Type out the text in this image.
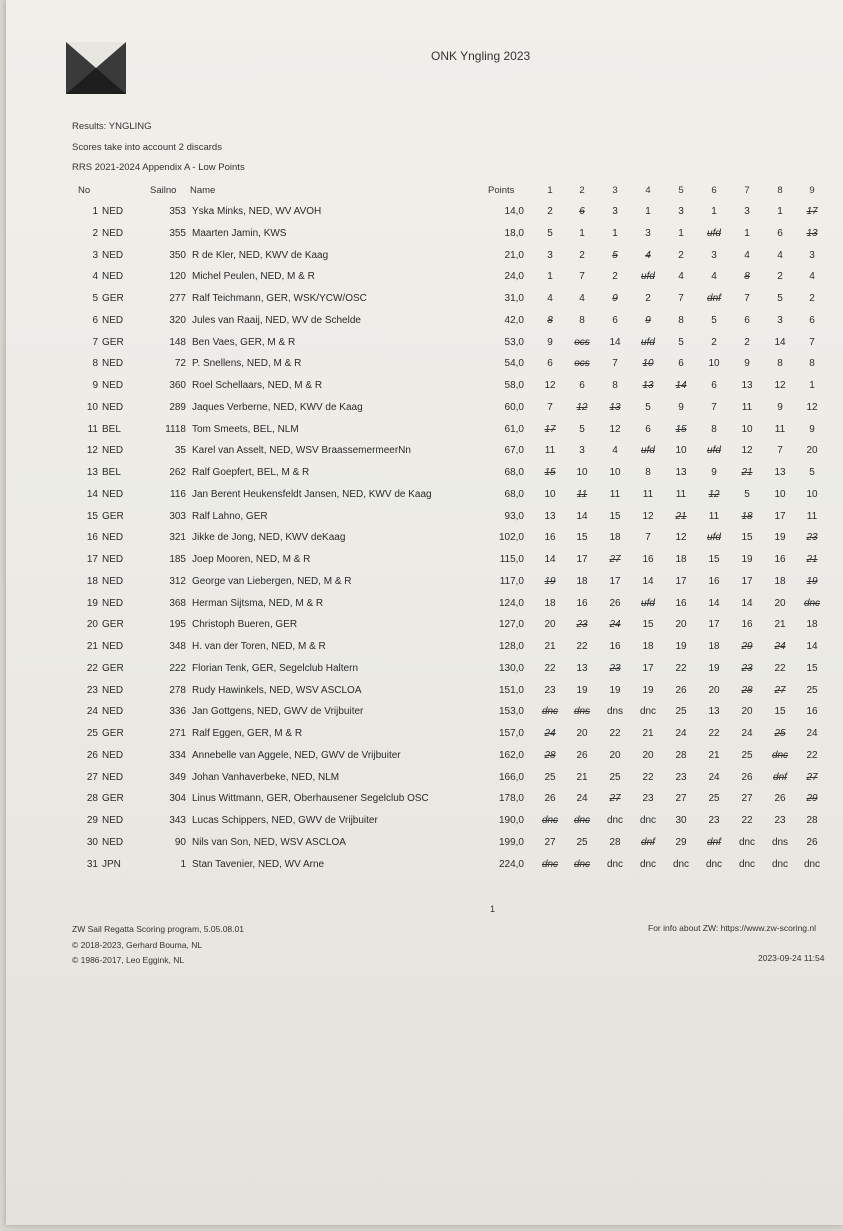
ONK Yngling 2023
Results: YNGLING
Scores take into account 2 discards
RRS 2021-2024 Appendix A - Low Points
No	Sailno Name	Points	1	2	3	4	5	6	7	8	9
1 NED	353 Yska Minks, NED, WV AVOH	14,0	2	6	3	1	3	1	3	1	17
2 NED	355 Maarten Jamin, KWS	18,0	5	1	1	3	1	ufd	1	6	13
3 NED	350 R de Kler, NED, KWV de Kaag	21,0	3	2	5	4	2	3	4	4	3
4 NED	120 Michel Peulen, NED, M & R	24,0	1	7	2	ufd	4	4	8	2	4
5 GER	277 Ralf Teichmann, GER, WSK/YCW/OSC	31,0	4	4	9	2	7	dnf	7	5	2
6 NED	320 Jules van Raaij, NED, WV de Schelde	42,0	8	8	6	9	8	5	6	3	6
7 GER	148 Ben Vaes, GER, M & R	53,0	9	ocs	14	ufd	5	2	2	14	7
8 NED	72 P. Snellens, NED, M & R	54,0	6	ocs	7	10	6	10	9	8	8
9 NED	360 Roel Schellaars, NED, M & R	58,0	12	6	8	13	14	6	13	12	1
10 NED	289 Jaques Verberne, NED, KWV de Kaag	60,0	7	12	13	5	9	7	11	9	12
11 BEL	1118 Tom Smeets, BEL, NLM	61,0	17	5	12	6	15	8	10	11	9
12 NED	35 Karel van Asselt, NED, WSV BraassemermeerNn	67,0	11	3	4	ufd	10	ufd	12	7	20
13 BEL	262 Ralf Goepfert, BEL, M & R	68,0	15	10	10	8	13	9	21	13	5
14 NED	116 Jan Berent Heukensfeldt Jansen, NED, KWV de Kaag	68,0	10	11	11	11	11	12	5	10	10
15 GER	303 Ralf Lahno, GER	93,0	13	14	15	12	21	11	18	17	11
16 NED	321 Jikke de Jong, NED, KWV deKaag	102,0	16	15	18	7	12	ufd	15	19	23
17 NED	185 Joep Mooren, NED, M & R	115,0	14	17	27	16	18	15	19	16	21
18 NED	312 George van Liebergen, NED, M & R	117,0	19	18	17	14	17	16	17	18	19
19 NED	368 Herman Sijtsma, NED, M & R	124,0	18	16	26	ufd	16	14	14	20	dnc
20 GER	195 Christoph Bueren, GER	127,0	20	23	24	15	20	17	16	21	18
21 NED	348 H. van der Toren, NED, M & R	128,0	21	22	16	18	19	18	29	24	14
22 GER	222 Florian Tenk, GER, Segelclub Haltern	130,0	22	13	23	17	22	19	23	22	15
23 NED	278 Rudy Hawinkels, NED, WSV ASCLOA	151,0	23	19	19	19	26	20	28	27	25
24 NED	336 Jan Gottgens, NED, GWV de Vrijbuiter	153,0	dnc	dns	dns	dnc	25	13	20	15	16
25 GER	271 Ralf Eggen, GER, M & R	157,0	24	20	22	21	24	22	24	25	24
26 NED	334 Annebelle van Aggele, NED, GWV de Vrijbuiter	162,0	28	26	20	20	28	21	25	dnc	22
27 NED	349 Johan Vanhaverbeke, NED, NLM	166,0	25	21	25	22	23	24	26	dnf	27
28 GER	304 Linus Wittmann, GER, Oberhausener Segelclub OSC	178,0	26	24	27	23	27	25	27	26	29
29 NED	343 Lucas Schippers, NED, GWV de Vrijbuiter	190,0	dnc	dnc	dnc	dnc	30	23	22	23	28
30 NED	90 Nils van Son, NED, WSV ASCLOA	199,0	27	25	28	dnf	29	dnf	dnc	dns	26
31 JPN	1 Stan Tavenier, NED, WV Arne	224,0	dnc	dnc	dnc	dnc	dnc	dnc	dnc	dnc	dnc
1
ZW Sail Regatta Scoring program, 5.05.08.01
© 2018-2023, Gerhard Bouma, NL
© 1986-2017, Leo Eggink, NL
For info about ZW: https://www.zw-scoring.nl
2023-09-24 11:54
